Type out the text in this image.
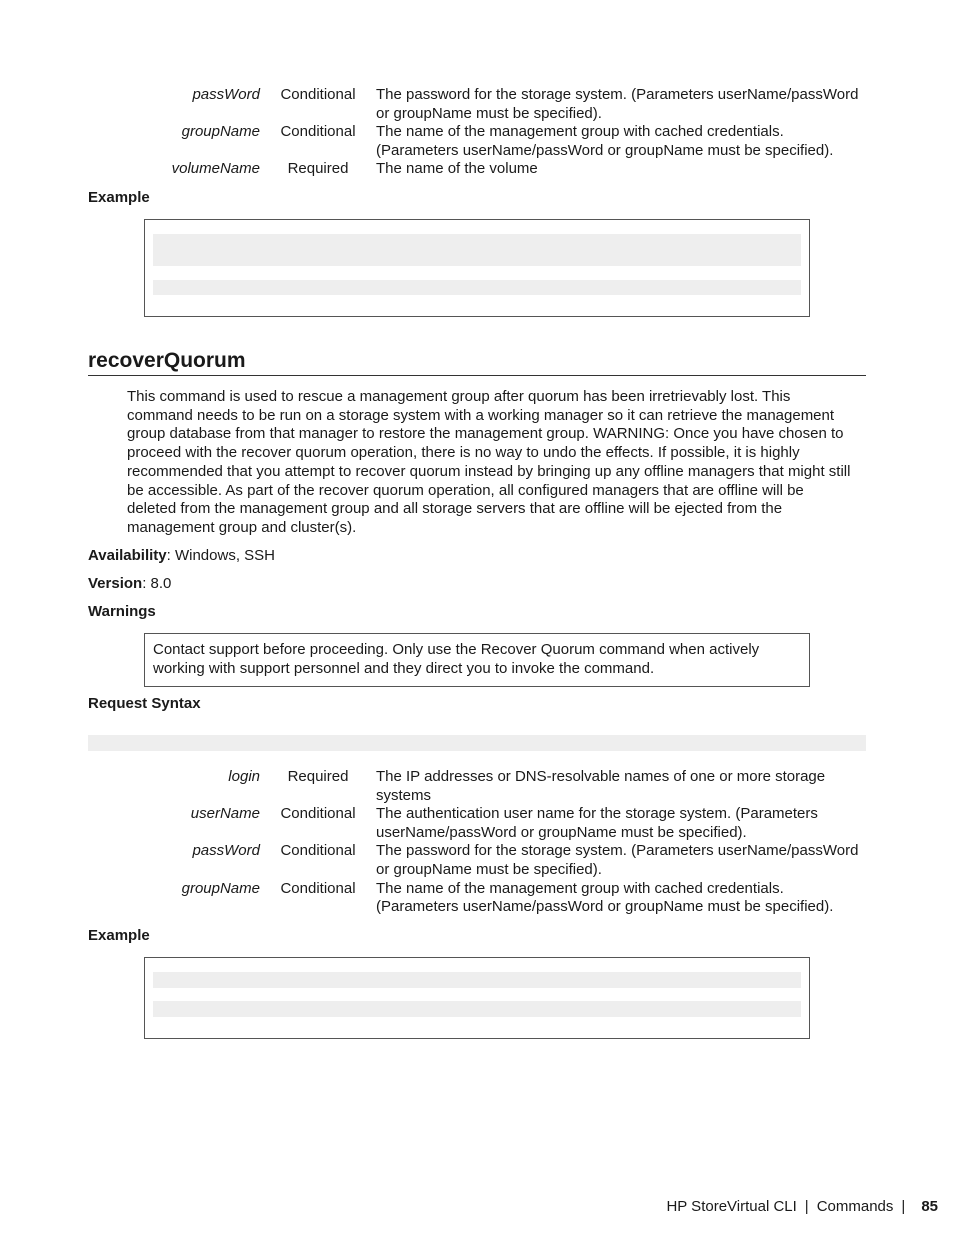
passWord	Conditional	The password for the storage system. (Parameters userName/passWord or groupName must be specified).
groupName	Conditional	The name of the management group with cached credentials. (Parameters userName/passWord or groupName must be specified).
volumeName	Required	The name of the volume
Example
recoverQuorum
This command is used to rescue a management group after quorum has been irretrievably lost. This command needs to be run on a storage system with a working manager so it can retrieve the management group database from that manager to restore the management group. WARNING: Once you have chosen to proceed with the recover quorum operation, there is no way to undo the effects. If possible, it is highly recommended that you attempt to recover quorum instead by bringing up any offline managers that might still be accessible. As part of the recover quorum operation, all configured managers that are offline will be deleted from the management group and all storage servers that are offline will be ejected from the management group and cluster(s).
Availability: Windows, SSH
Version: 8.0
Warnings
Contact support before proceeding. Only use the Recover Quorum command when actively working with support personnel and they direct you to invoke the command.
Request Syntax
login	Required	The IP addresses or DNS-resolvable names of one or more storage systems
userName	Conditional	The authentication user name for the storage system. (Parameters userName/passWord or groupName must be specified).
passWord	Conditional	The password for the storage system. (Parameters userName/passWord or groupName must be specified).
groupName	Conditional	The name of the management group with cached credentials. (Parameters userName/passWord or groupName must be specified).
Example
HP StoreVirtual CLI | Commands | 85
